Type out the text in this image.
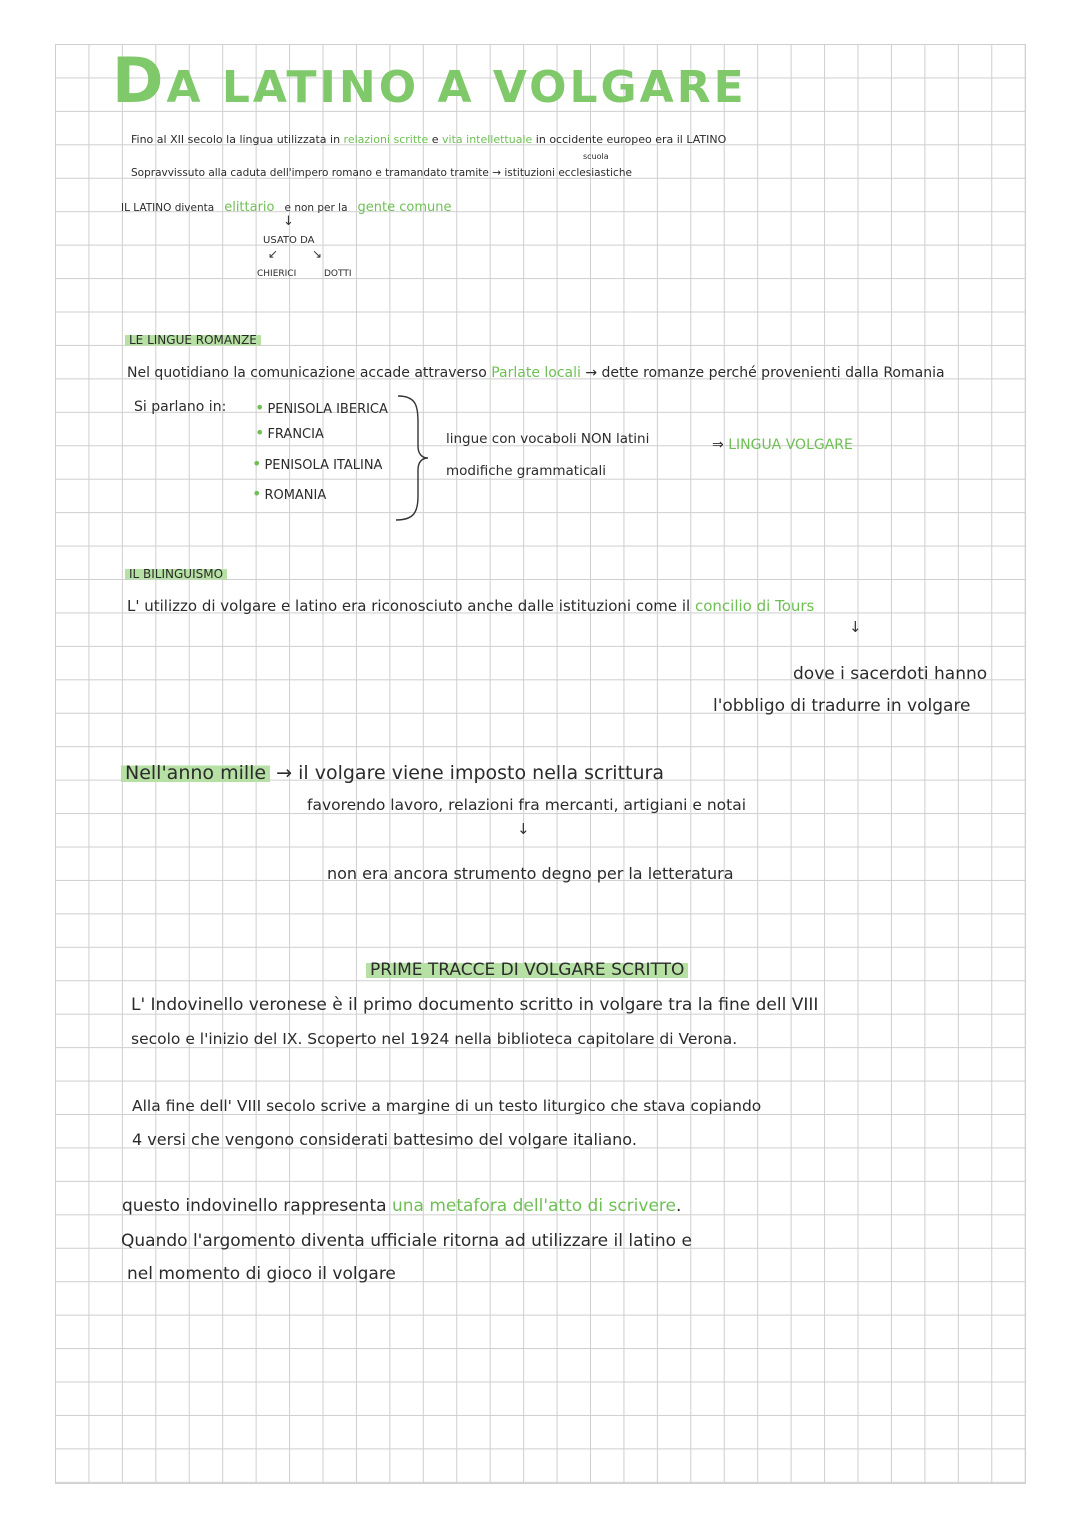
DA LATINO A VOLGARE
Fino al XII secolo la lingua utilizzata in relazioni scritte e vita intellettuale in occidente europeo era il LATINO
scuola
Sopravvissuto alla caduta dell'impero romano e tramandato tramite → istituzioni ecclesiastiche
IL LATINO diventa elittario e non per la gente comune
↓
USATO DA
↙	↘
CHIERICI	DOTTI
LE LINGUE ROMANZE
Nel quotidiano la comunicazione accade attraverso Parlate locali → dette romanze perché provenienti dalla Romania
Si parlano in: • PENISOLA IBERICA
• FRANCIA
• PENISOLA ITALINA
• ROMANIA
lingue con vocaboli NON latini
modifiche grammaticali
⇒ LINGUA VOLGARE
IL BILINGUISMO
L' utilizzo di volgare e latino era riconosciuto anche dalle istituzioni come il concilio di Tours
↓
dove i sacerdoti hanno
l'obbligo di tradurre in volgare
Nell'anno mille → il volgare viene imposto nella scrittura
favorendo lavoro, relazioni fra mercanti, artigiani e notai
↓
non era ancora strumento degno per la letteratura
PRIME TRACCE DI VOLGARE SCRITTO
L' Indovinello veronese è il primo documento scritto in volgare tra la fine dell VIII
secolo e l'inizio del IX. Scoperto nel 1924 nella biblioteca capitolare di Verona.
Alla fine dell' VIII secolo scrive a margine di un testo liturgico che stava copiando
4 versi che vengono considerati battesimo del volgare italiano.
questo indovinello rappresenta una metafora dell'atto di scrivere.
Quando l'argomento diventa ufficiale ritorna ad utilizzare il latino e
nel momento di gioco il volgare
